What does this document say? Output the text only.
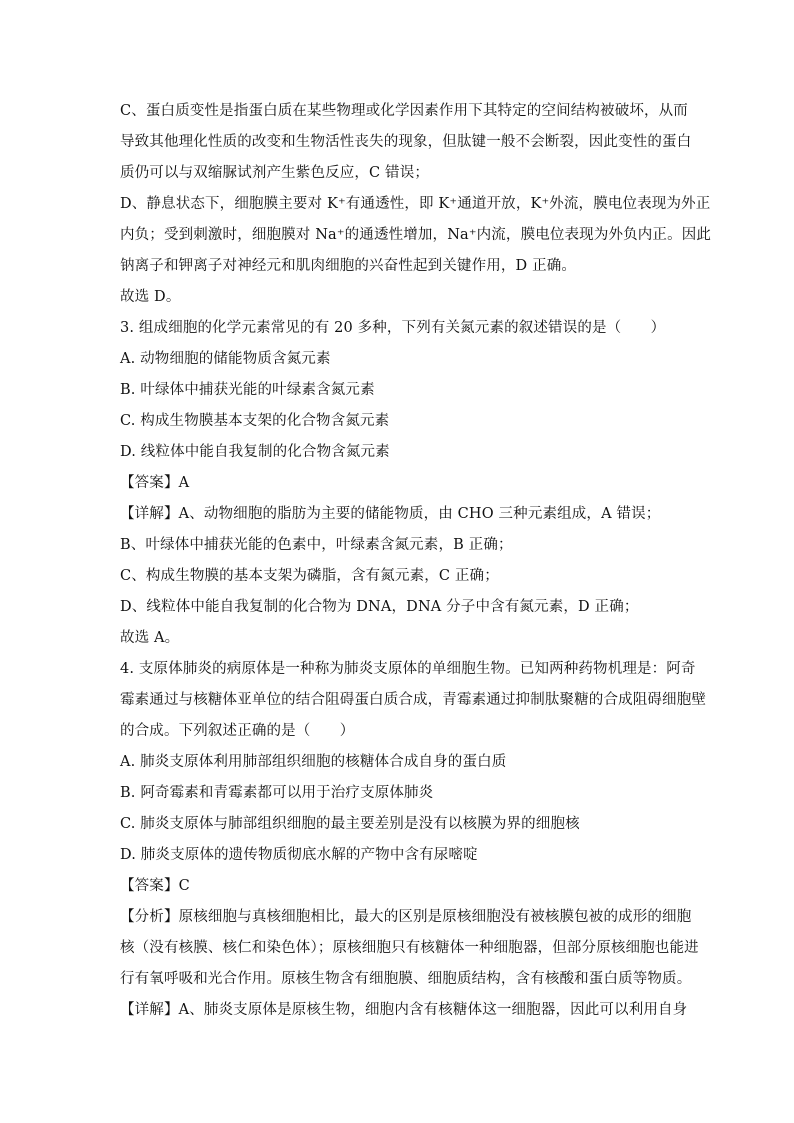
C、蛋白质变性是指蛋白质在某些物理或化学因素作用下其特定的空间结构被破坏，从而
导致其他理化性质的改变和生物活性丧失的现象，但肽键一般不会断裂，因此变性的蛋白
质仍可以与双缩脲试剂产生紫色反应，C 错误；
D、静息状态下，细胞膜主要对 K⁺有通透性，即 K⁺通道开放，K⁺外流，膜电位表现为外正
内负；受到刺激时，细胞膜对 Na⁺的通透性增加，Na⁺内流，膜电位表现为外负内正。因此
钠离子和钾离子对神经元和肌肉细胞的兴奋性起到关键作用，D 正确。
故选 D。
3. 组成细胞的化学元素常见的有 20 多种，下列有关氮元素的叙述错误的是（　　）
A. 动物细胞的储能物质含氮元素
B. 叶绿体中捕获光能的叶绿素含氮元素
C. 构成生物膜基本支架的化合物含氮元素
D. 线粒体中能自我复制的化合物含氮元素
【答案】A
【详解】A、动物细胞的脂肪为主要的储能物质，由 CHO 三种元素组成，A 错误；
B、叶绿体中捕获光能的色素中，叶绿素含氮元素，B 正确；
C、构成生物膜的基本支架为磷脂，含有氮元素，C 正确；
D、线粒体中能自我复制的化合物为 DNA，DNA 分子中含有氮元素，D 正确；
故选 A。
4. 支原体肺炎的病原体是一种称为肺炎支原体的单细胞生物。已知两种药物机理是：阿奇
霉素通过与核糖体亚单位的结合阻碍蛋白质合成，青霉素通过抑制肽聚糖的合成阻碍细胞壁
的合成。下列叙述正确的是（　　）
A. 肺炎支原体利用肺部组织细胞的核糖体合成自身的蛋白质
B. 阿奇霉素和青霉素都可以用于治疗支原体肺炎
C. 肺炎支原体与肺部组织细胞的最主要差别是没有以核膜为界的细胞核
D. 肺炎支原体的遗传物质彻底水解的产物中含有尿嘧啶
【答案】C
【分析】原核细胞与真核细胞相比，最大的区别是原核细胞没有被核膜包被的成形的细胞
核（没有核膜、核仁和染色体）；原核细胞只有核糖体一种细胞器，但部分原核细胞也能进
行有氧呼吸和光合作用。原核生物含有细胞膜、细胞质结构，含有核酸和蛋白质等物质。
【详解】A、肺炎支原体是原核生物，细胞内含有核糖体这一细胞器，因此可以利用自身
